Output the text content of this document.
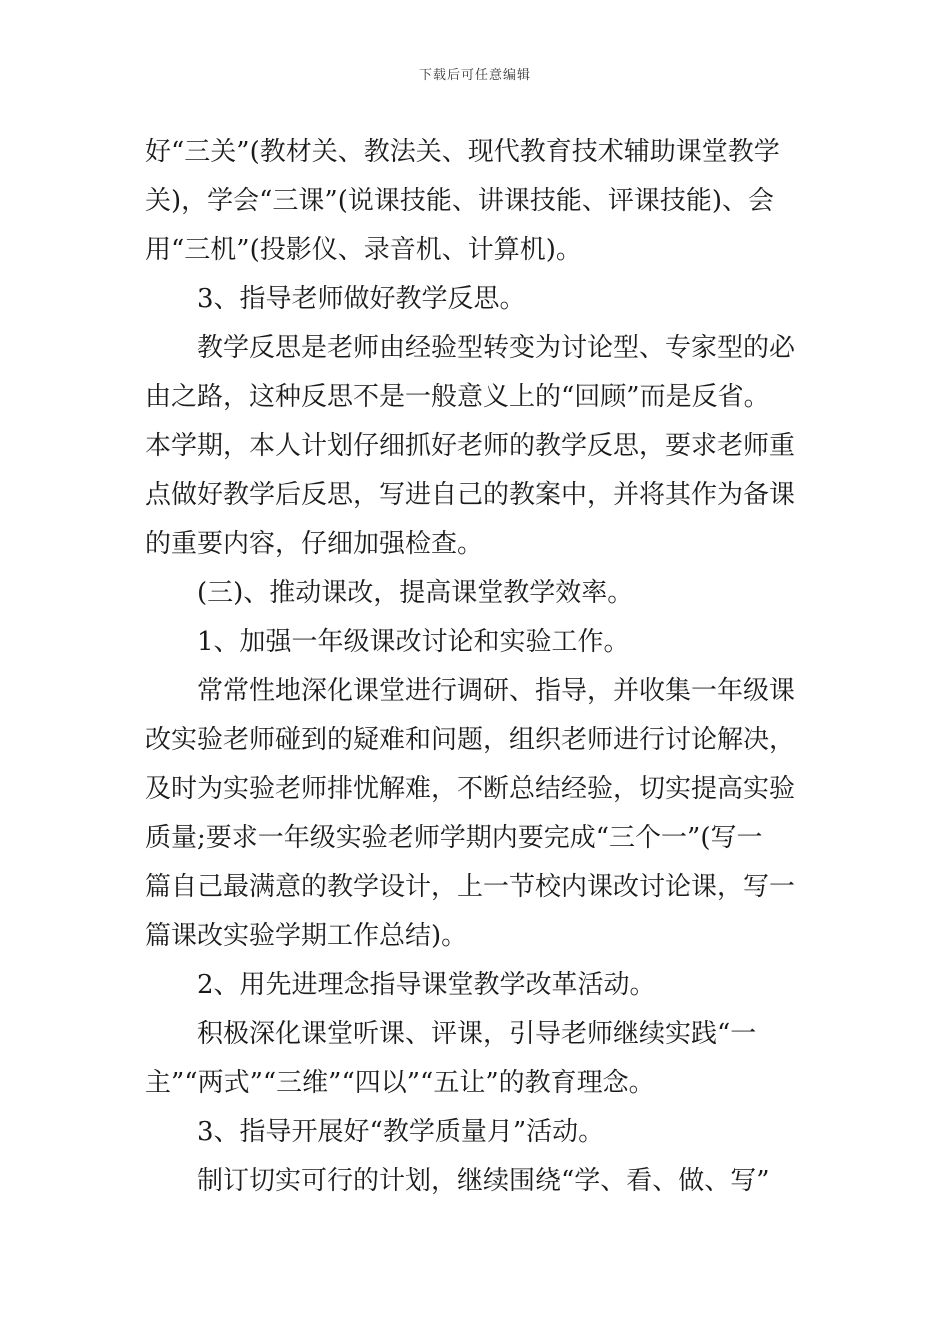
下载后可任意编辑
好“三关”(教材关、教法关、现代教育技术辅助课堂教学
关)，学会“三课”(说课技能、讲课技能、评课技能)、会
用“三机”(投影仪、录音机、计算机)。
3、指导老师做好教学反思。
教学反思是老师由经验型转变为讨论型、专家型的必
由之路，这种反思不是一般意义上的“回顾”而是反省。
本学期，本人计划仔细抓好老师的教学反思，要求老师重
点做好教学后反思，写进自己的教案中，并将其作为备课
的重要内容，仔细加强检查。
(三)、推动课改，提高课堂教学效率。
1、加强一年级课改讨论和实验工作。
常常性地深化课堂进行调研、指导，并收集一年级课
改实验老师碰到的疑难和问题，组织老师进行讨论解决，
及时为实验老师排忧解难，不断总结经验，切实提高实验
质量;要求一年级实验老师学期内要完成“三个一”(写一
篇自己最满意的教学设计，上一节校内课改讨论课，写一
篇课改实验学期工作总结)。
2、用先进理念指导课堂教学改革活动。
积极深化课堂听课、评课，引导老师继续实践“一
主”“两式”“三维”“四以”“五让”的教育理念。
3、指导开展好“教学质量月”活动。
制订切实可行的计划，继续围绕“学、看、做、写”
